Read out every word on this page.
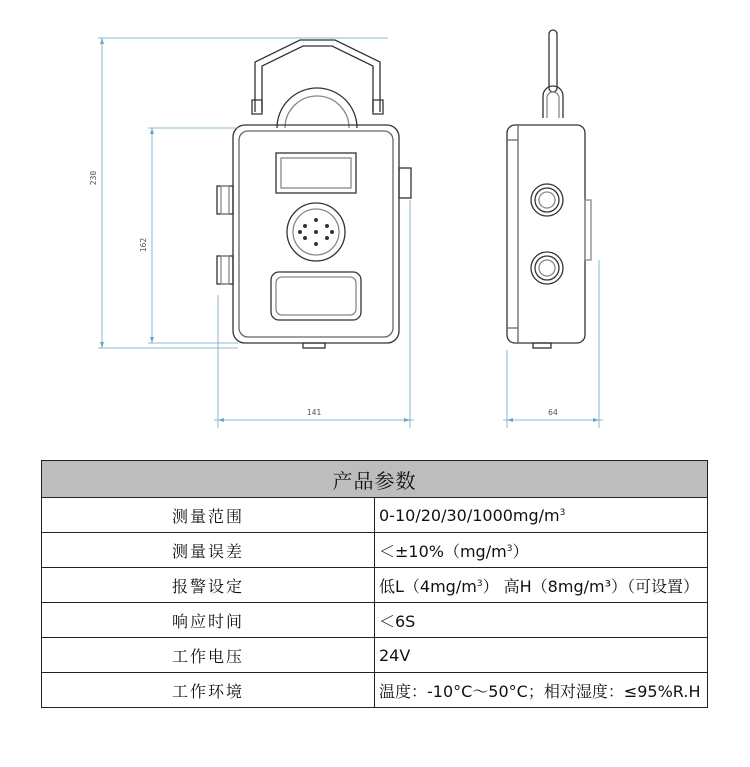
230
162
141	64
产品参数	
测量范围	$0-10/20/30/1000mg/m^3$
测量误差	$<\pm 10\%(mg/m^3)$
报警设定	低$L(4mg/m^3)$ 高H（8mg/m³）（可设置）
响应时间	＜6S
工作电压	24V
工作环境	温度：-10°C～50°C；相对湿度：≤95%R.H
